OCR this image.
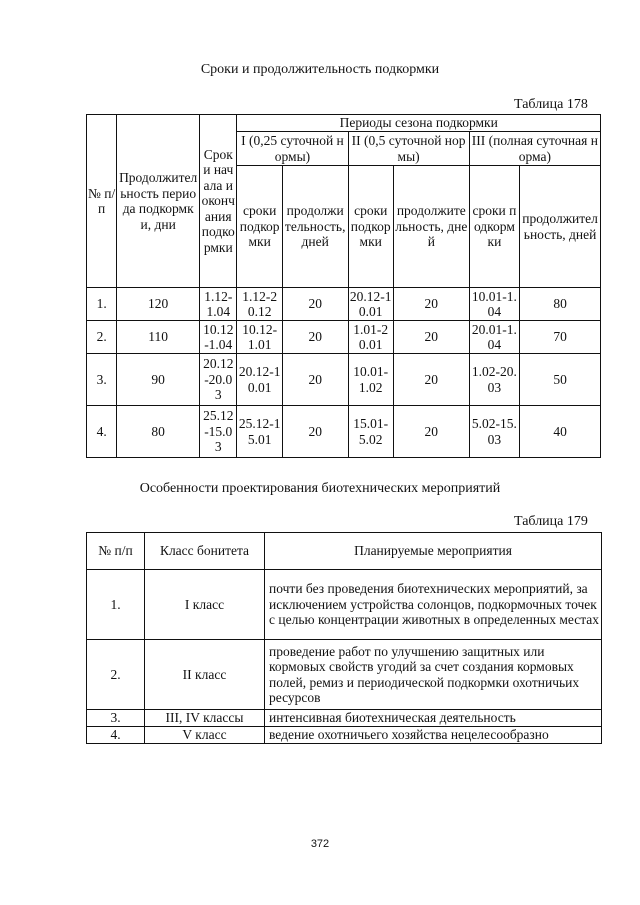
Сроки и продолжительность подкормки
Таблица 178
№ п/п	Продолжительность периода подкормки, дни	Сроки начала и окончания подкормки	Периоды сезона подкормки					
			I (0,25 суточной нормы)		II (0,5 суточной нормы)		III (полная суточная норма)	
			сроки подкормки	продолжительность, дней	сроки подкормки	продолжительность, дней	сроки подкормки	продолжительность, дней
1.	120	1.12-1.04	1.12-20.12	20	20.12-10.01	20	10.01-1.04	80
2.	110	10.12-1.04	10.12-1.01	20	1.01-20.01	20	20.01-1.04	70
3.	90	20.12-20.03	20.12-10.01	20	10.01-1.02	20	1.02-20.03	50
4.	80	25.12-15.03	25.12-15.01	20	15.01-5.02	20	5.02-15.03	40
Особенности проектирования биотехнических мероприятий
Таблица 179
№ п/п	Класс бонитета	Планируемые мероприятия
1.	I класс	почти без проведения биотехнических мероприятий, за исключением устройства солонцов, подкормочных точек с целью концентрации животных в определенных местах
2.	II класс	проведение работ по улучшению защитных или кормовых свойств угодий за счет создания кормовых полей, ремиз и периодической подкормки охотничьих ресурсов
3.	III, IV классы	интенсивная биотехническая деятельность
4.	V класс	ведение охотничьего хозяйства нецелесообразно
372
